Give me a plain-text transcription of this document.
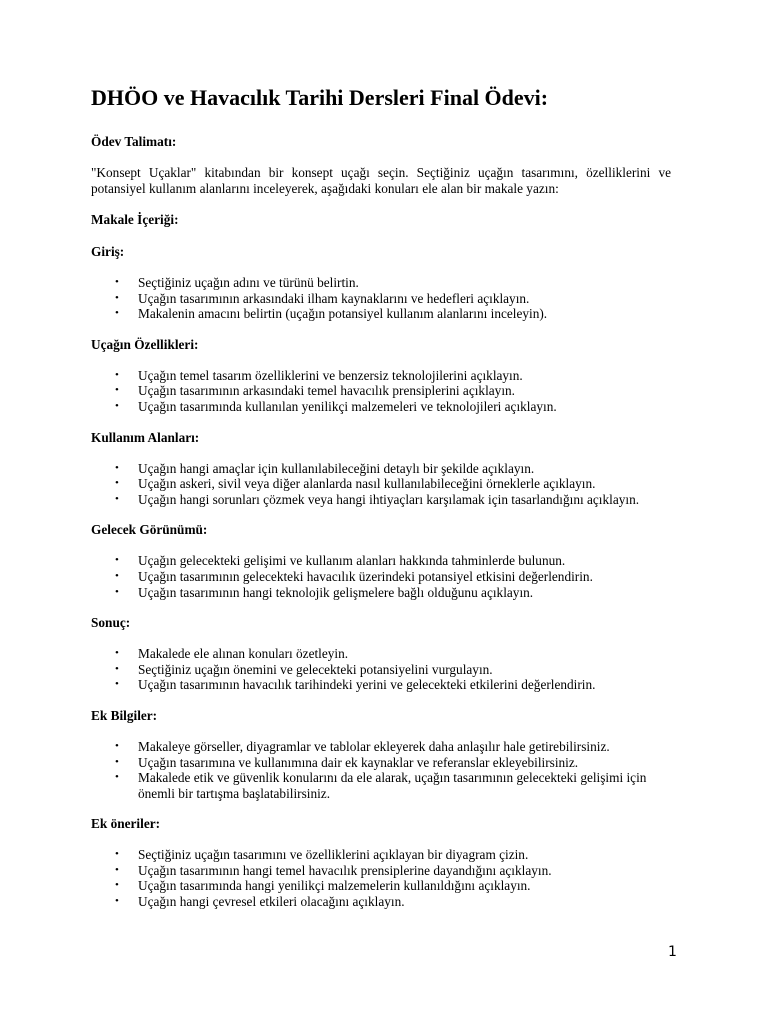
DHÖO ve Havacılık Tarihi Dersleri Final Ödevi:

Ödev Talimatı:

"Konsept Uçaklar" kitabından bir konsept uçağı seçin. Seçtiğiniz uçağın tasarımını, özelliklerini ve potansiyel kullanım alanlarını inceleyerek, aşağıdaki konuları ele alan bir makale yazın:

Makale İçeriği:

Giriş:

• Seçtiğiniz uçağın adını ve türünü belirtin.
• Uçağın tasarımının arkasındaki ilham kaynaklarını ve hedefleri açıklayın.
• Makalenin amacını belirtin (uçağın potansiyel kullanım alanlarını inceleyin).

Uçağın Özellikleri:

• Uçağın temel tasarım özelliklerini ve benzersiz teknolojilerini açıklayın.
• Uçağın tasarımının arkasındaki temel havacılık prensiplerini açıklayın.
• Uçağın tasarımında kullanılan yenilikçi malzemeleri ve teknolojileri açıklayın.

Kullanım Alanları:

• Uçağın hangi amaçlar için kullanılabileceğini detaylı bir şekilde açıklayın.
• Uçağın askeri, sivil veya diğer alanlarda nasıl kullanılabileceğini örneklerle açıklayın.
• Uçağın hangi sorunları çözmek veya hangi ihtiyaçları karşılamak için tasarlandığını açıklayın.

Gelecek Görünümü:

• Uçağın gelecekteki gelişimi ve kullanım alanları hakkında tahminlerde bulunun.
• Uçağın tasarımının gelecekteki havacılık üzerindeki potansiyel etkisini değerlendirin.
• Uçağın tasarımının hangi teknolojik gelişmelere bağlı olduğunu açıklayın.

Sonuç:

• Makalede ele alınan konuları özetleyin.
• Seçtiğiniz uçağın önemini ve gelecekteki potansiyelini vurgulayın.
• Uçağın tasarımının havacılık tarihindeki yerini ve gelecekteki etkilerini değerlendirin.

Ek Bilgiler:

• Makaleye görseller, diyagramlar ve tablolar ekleyerek daha anlaşılır hale getirebilirsiniz.
• Uçağın tasarımına ve kullanımına dair ek kaynaklar ve referanslar ekleyebilirsiniz.
• Makalede etik ve güvenlik konularını da ele alarak, uçağın tasarımının gelecekteki gelişimi için önemli bir tartışma başlatabilirsiniz.

Ek öneriler:

• Seçtiğiniz uçağın tasarımını ve özelliklerini açıklayan bir diyagram çizin.
• Uçağın tasarımının hangi temel havacılık prensiplerine dayandığını açıklayın.
• Uçağın tasarımında hangi yenilikçi malzemelerin kullanıldığını açıklayın.
• Uçağın hangi çevresel etkileri olacağını açıklayın.
1
